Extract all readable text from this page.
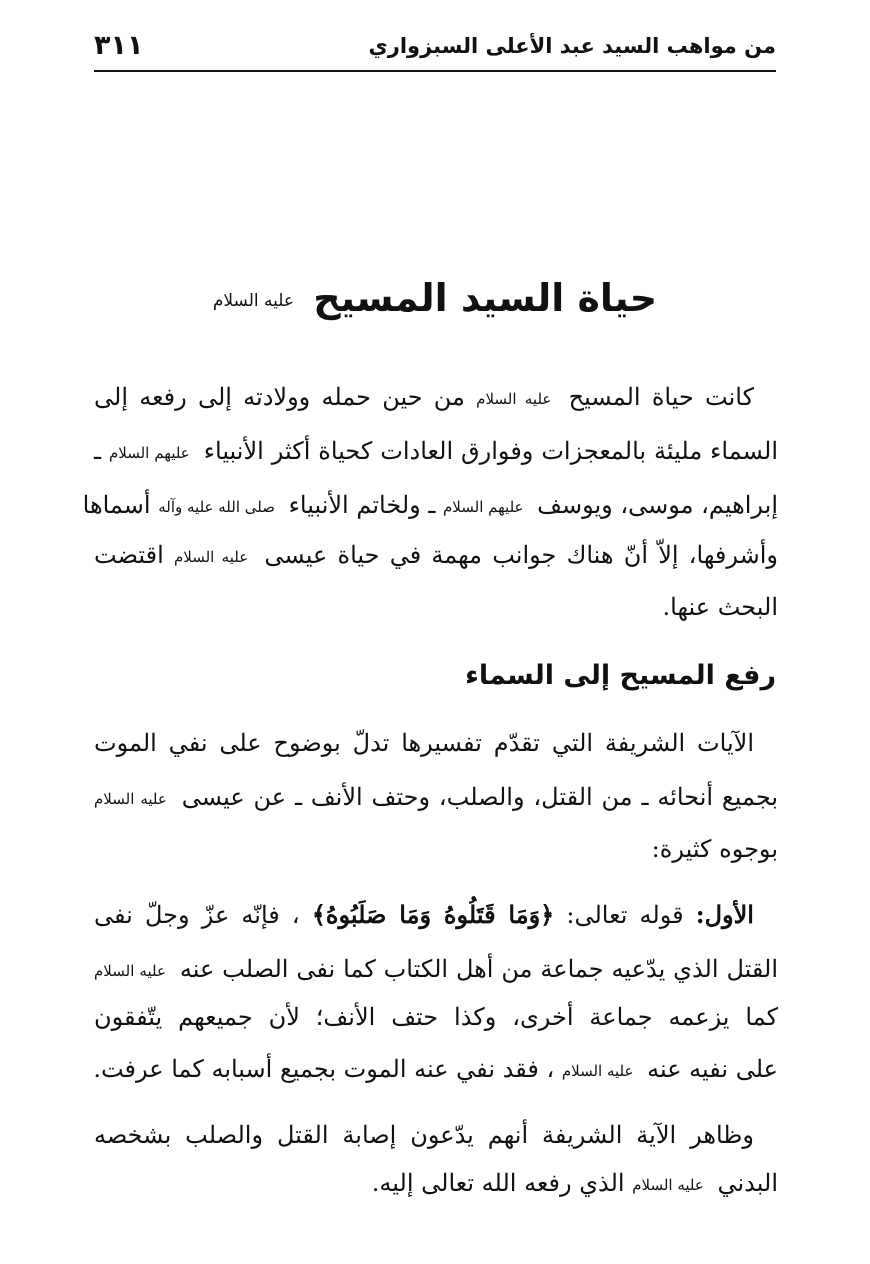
من مواهب السيد عبد الأعلى السبزواري
٣١١
حياة السيد المسيح عليه السلام
 كانت حياة المسيح عليه السلام من حين حمله وولادته إلى رفعه إلى
السماء مليئة بالمعجزات وفوارق العادات كحياة أكثر الأنبياء عليهم السلام ـ
إبراهيم، موسى، ويوسف عليهم السلام ـ ولخاتم الأنبياء صلى الله عليه وآله أسماها
وأشرفها، إلاّ أنّ هناك جوانب مهمة في حياة عيسى عليه السلام اقتضت
البحث عنها.
رفع المسيح إلى السماء
 الآيات الشريفة التي تقدّم تفسيرها تدلّ بوضوح على نفي الموت
بجميع أنحائه ـ من القتل، والصلب، وحتف الأنف ـ عن عيسى عليه السلام
بوجوه كثيرة:
 الأول: قوله تعالى: ﴿وَمَا قَتَلُوهُ وَمَا صَلَبُوهُ﴾ ، فإنّه عزّ وجلّ نفى
القتل الذي يدّعيه جماعة من أهل الكتاب كما نفى الصلب عنه عليه السلام
كما يزعمه جماعة أخرى، وكذا حتف الأنف؛ لأن جميعهم يتّفقون
على نفيه عنه عليه السلام ، فقد نفي عنه الموت بجميع أسبابه كما عرفت.
 وظاهر الآية الشريفة أنهم يدّعون إصابة القتل والصلب بشخصه
البدني عليه السلام الذي رفعه الله تعالى إليه.
